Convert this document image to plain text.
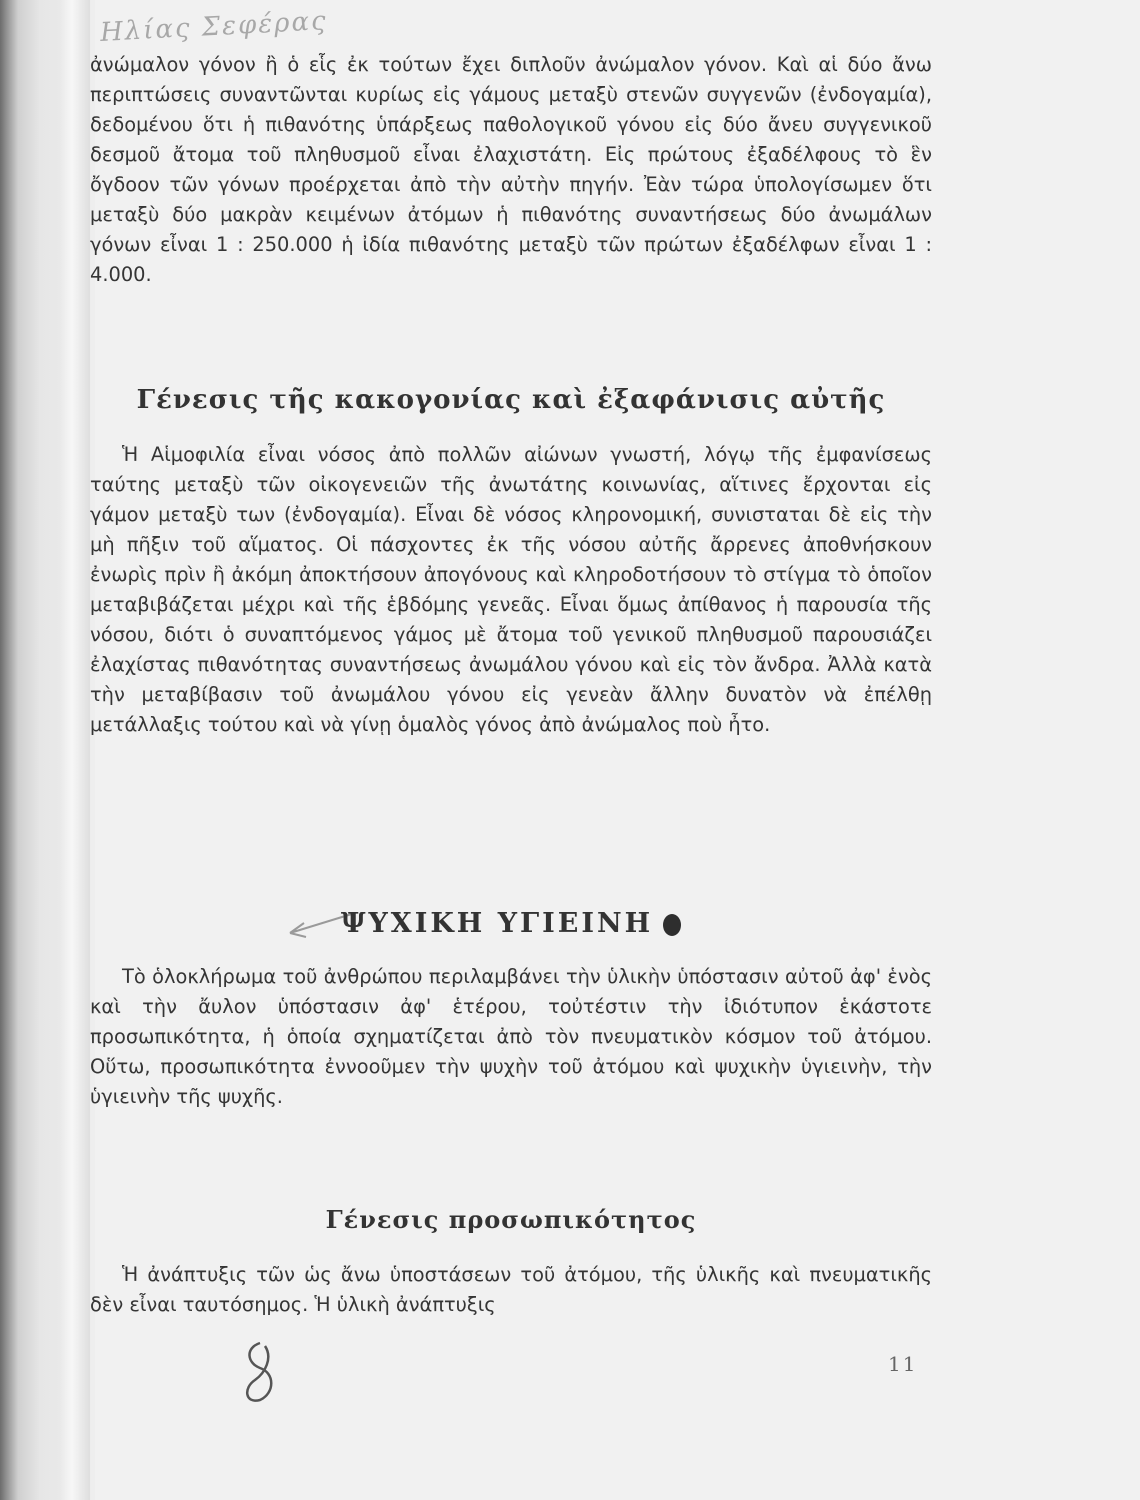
Ηλίας Σεφέρας

ἀνώμαλον γόνον ἢ ὁ εἷς ἐκ τούτων ἔχει διπλοῦν ἀνώμαλον γόνον. Καὶ αἱ δύο ἄνω περιπτώσεις συναντῶνται κυρίως εἰς γάμους μεταξὺ στενῶν συγγενῶν (ἐνδογαμία), δεδομένου ὅτι ἡ πιθανότης ὑπάρξεως παθολογικοῦ γόνου εἰς δύο ἄνευ συγγενικοῦ δεσμοῦ ἄτομα τοῦ πληθυσμοῦ εἶναι ἐλαχιστάτη. Εἰς πρώτους ἐξαδέλφους τὸ ἓν ὄγδοον τῶν γόνων προέρχεται ἀπὸ τὴν αὐτὴν πηγήν. Ἐὰν τώρα ὑπολογίσωμεν ὅτι μεταξὺ δύο μακρὰν κειμένων ἀτόμων ἡ πιθανότης συναντήσεως δύο ἀνωμάλων γόνων εἶναι 1 : 250.000 ἡ ἰδία πιθανότης μεταξὺ τῶν πρώτων ἐξαδέλφων εἶναι 1 : 4.000.

Γένεσις τῆς κακογονίας καὶ ἐξαφάνισις αὐτῆς

Ἡ Αἱμοφιλία εἶναι νόσος ἀπὸ πολλῶν αἰώνων γνωστή, λόγῳ τῆς ἐμφανίσεως ταύτης μεταξὺ τῶν οἰκογενειῶν τῆς ἀνωτάτης κοινωνίας, αἵτινες ἔρχονται εἰς γάμον μεταξὺ των (ἐνδογαμία). Εἶναι δὲ νόσος κληρονομική, συνισταται δὲ εἰς τὴν μὴ πῆξιν τοῦ αἵματος. Οἱ πάσχοντες ἐκ τῆς νόσου αὐτῆς ἄρρενες ἀποθνήσκουν ἐνωρὶς πρὶν ἢ ἀκόμη ἀποκτήσουν ἀπογόνους καὶ κληροδοτήσουν τὸ στίγμα τὸ ὁποῖον μεταβιβάζεται μέχρι καὶ τῆς ἑβδόμης γενεᾶς. Εἶναι ὅμως ἀπίθανος ἡ παρουσία τῆς νόσου, διότι ὁ συναπτόμενος γάμος μὲ ἄτομα τοῦ γενικοῦ πληθυσμοῦ παρουσιάζει ἐλαχίστας πιθανότητας συναντήσεως ἀνωμάλου γόνου καὶ εἰς τὸν ἄνδρα. Ἀλλὰ κατὰ τὴν μεταβίβασιν τοῦ ἀνωμάλου γόνου εἰς γενεὰν ἄλλην δυνατὸν νὰ ἐπέλθῃ μετάλλαξις τούτου καὶ νὰ γίνῃ ὁμαλὸς γόνος ἀπὸ ἀνώμαλος ποὺ ἦτο.

ΨΥΧΙΚΗ ΥΓΙΕΙΝΗ

Τὸ ὁλοκλήρωμα τοῦ ἀνθρώπου περιλαμβάνει τὴν ὑλικὴν ὑπόστασιν αὐτοῦ ἀφ' ἑνὸς καὶ τὴν ἄυλον ὑπόστασιν ἀφ' ἑτέρου, τοὐτέστιν τὴν ἰδιότυπον ἑκάστοτε προσωπικότητα, ἡ ὁποία σχηματίζεται ἀπὸ τὸν πνευματικὸν κόσμον τοῦ ἀτόμου. Οὕτω, προσωπικότητα ἐννοοῦμεν τὴν ψυχὴν τοῦ ἀτόμου καὶ ψυχικὴν ὑγιεινὴν, τὴν ὑγιεινὴν τῆς ψυχῆς.

Γένεσις προσωπικότητος

Ἡ ἀνάπτυξις τῶν ὡς ἄνω ὑποστάσεων τοῦ ἀτόμου, τῆς ὑλικῆς καὶ πνευματικῆς δὲν εἶναι ταυτόσημος. Ἡ ὑλικὴ ἀνάπτυξις

11
